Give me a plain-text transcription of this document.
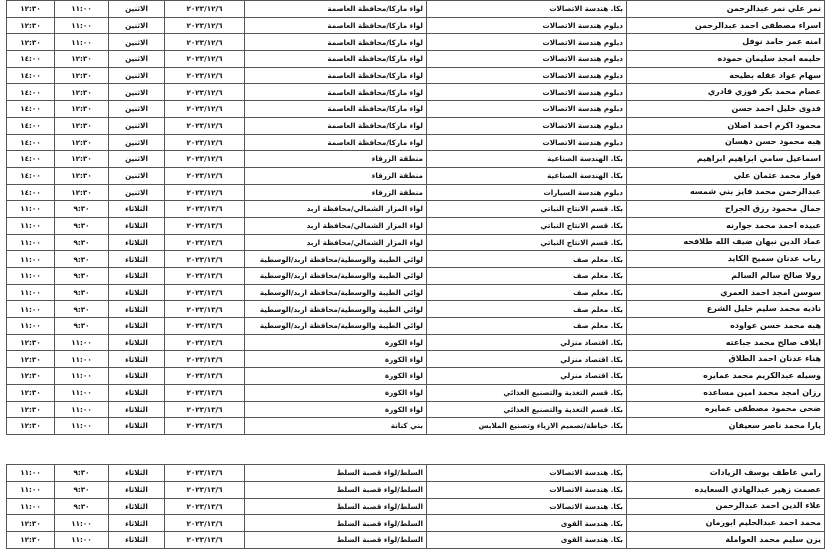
نمر علي نمر عبدالرحمن	بكا. هندسة الاتصالات	لواء ماركا/محافظة العاصمة	٢٠٢٣/١٢/٦	الاثنين	١١:٠٠	١٢:٣٠
اسراء مصطفى احمد عبدالرحمن	دبلوم هندسة الاتصالات	لواء ماركا/محافظة العاصمة	٢٠٢٣/١٢/٦	الاثنين	١١:٠٠	١٢:٣٠
امنه عمر حامد نوفل	دبلوم هندسة الاتصالات	لواء ماركا/محافظة العاصمة	٢٠٢٣/١٢/٦	الاثنين	١١:٠٠	١٢:٣٠
حليمه امجد سليمان حموده	دبلوم هندسة الاتصالات	لواء ماركا/محافظة العاصمة	٢٠٢٣/١٢/٦	الاثنين	١٢:٣٠	١٤:٠٠
سهام عواد عقله بطيحه	دبلوم هندسة الاتصالات	لواء ماركا/محافظة العاصمة	٢٠٢٣/١٢/٦	الاثنين	١٢:٣٠	١٤:٠٠
عصام محمد بكر فوزي قادري	دبلوم هندسة الاتصالات	لواء ماركا/محافظة العاصمة	٢٠٢٣/١٢/٦	الاثنين	١٢:٣٠	١٤:٠٠
فدوى خليل احمد حسن	دبلوم هندسة الاتصالات	لواء ماركا/محافظة العاصمة	٢٠٢٣/١٢/٦	الاثنين	١٢:٣٠	١٤:٠٠
محمود اكرم احمد اصلان	دبلوم هندسة الاتصالات	لواء ماركا/محافظة العاصمة	٢٠٢٣/١٢/٦	الاثنين	١٢:٣٠	١٤:٠٠
هبه محمود حسن دهسان	دبلوم هندسة الاتصالات	لواء ماركا/محافظة العاصمة	٢٠٢٣/١٢/٦	الاثنين	١٢:٣٠	١٤:٠٠
اسماعيل سامي ابراهيم ابراهيم	بكا. الهندسة الصناعية	منطقة الزرقاء	٢٠٢٣/١٢/٦	الاثنين	١٢:٣٠	١٤:٠٠
فواز محمد عثمان علي	بكا. الهندسة الصناعية	منطقة الزرقاء	٢٠٢٣/١٢/٦	الاثنين	١٢:٣٠	١٤:٠٠
عبدالرحمن محمد فايز بني شمسه	دبلوم هندسة السيارات	منطقة الزرقاء	٢٠٢٣/١٢/٦	الاثنين	١٢:٣٠	١٤:٠٠
جمال محمود رزق الجراح	بكا. قسم الانتاج النباتي	لواء المزار الشمالي/محافظة اربد	٢٠٢٣/١٣/٦	الثلاثاء	٩:٣٠	١١:٠٠
عبيده احمد محمد جوارنه	بكا. قسم الانتاج النباتي	لواء المزار الشمالي/محافظة اربد	٢٠٢٣/١٣/٦	الثلاثاء	٩:٣٠	١١:٠٠
عماد الدين نبهان ضيف الله طلافحه	بكا. قسم الانتاج النباتي	لواء المزار الشمالي/محافظة اربد	٢٠٢٣/١٣/٦	الثلاثاء	٩:٣٠	١١:٠٠
رباب عدنان سميح الكايد	بكا. معلم صف	لوائي الطيبة والوسطية/محافظة اربد/الوسطية	٢٠٢٣/١٣/٦	الثلاثاء	٩:٣٠	١١:٠٠
رولا صالح سالم السالم	بكا. معلم صف	لوائي الطيبة والوسطية/محافظة اربد/الوسطية	٢٠٢٣/١٣/٦	الثلاثاء	٩:٣٠	١١:٠٠
سوسن امجد احمد العمري	بكا. معلم صف	لوائي الطيبة والوسطية/محافظة اربد/الوسطية	٢٠٢٣/١٣/٦	الثلاثاء	٩:٣٠	١١:٠٠
ناديه محمد سليم خليل الشرع	بكا. معلم صف	لوائي الطيبة والوسطية/محافظة اربد/الوسطية	٢٠٢٣/١٣/٦	الثلاثاء	٩:٣٠	١١:٠٠
هبه محمد حسن عواوده	بكا. معلم صف	لوائي الطيبة والوسطية/محافظة اربد/الوسطية	٢٠٢٣/١٣/٦	الثلاثاء	٩:٣٠	١١:٠٠
ايلاف صالح محمد جباعته	بكا. اقتصاد منزلي	لواء الكورة	٢٠٢٣/١٣/٦	الثلاثاء	١١:٠٠	١٢:٣٠
هناء عدنان احمد الطلاق	بكا. اقتصاد منزلي	لواء الكورة	٢٠٢٣/١٣/٦	الثلاثاء	١١:٠٠	١٢:٣٠
وسيله عبدالكريم محمد عمايره	بكا. اقتصاد منزلي	لواء الكورة	٢٠٢٣/١٣/٦	الثلاثاء	١١:٠٠	١٢:٣٠
رزان امجد محمد امين مساعده	بكا. قسم التغذية والتصنيع الغذائي	لواء الكورة	٢٠٢٣/١٣/٦	الثلاثاء	١١:٠٠	١٢:٣٠
ضحى محمود مصطفى عمايره	بكا. قسم التغذية والتصنيع الغذائي	لواء الكورة	٢٠٢٣/١٣/٦	الثلاثاء	١١:٠٠	١٢:٣٠
يارا محمد ناصر سعيفان	بكا. خياطة/تصميم الازياء وتصنيع الملابس	بني كنانة	٢٠٢٣/١٣/٦	الثلاثاء	١١:٠٠	١٢:٣٠
رامي عاطف يوسف الزيادات	بكا. هندسة الاتصالات	السلط/لواء قصبة السلط	٢٠٢٣/١٣/٦	الثلاثاء	٩:٣٠	١١:٠٠
عصمت زهير عبدالهادي السعايده	بكا. هندسة الاتصالات	السلط/لواء قصبة السلط	٢٠٢٣/١٣/٦	الثلاثاء	٩:٣٠	١١:٠٠
علاء الدين احمد عبدالرحمن	بكا. هندسة الاتصالات	السلط/لواء قصبة السلط	٢٠٢٣/١٣/٦	الثلاثاء	٩:٣٠	١١:٠٠
محمد احمد عبدالحليم ابورمان	بكا. هندسة القوى	السلط/لواء قصبة السلط	٢٠٢٣/١٣/٦	الثلاثاء	١١:٠٠	١٢:٣٠
يزن سليم محمد العواملة	بكا. هندسة القوى	السلط/لواء قصبة السلط	٢٠٢٣/١٣/٦	الثلاثاء	١١:٠٠	١٢:٣٠
